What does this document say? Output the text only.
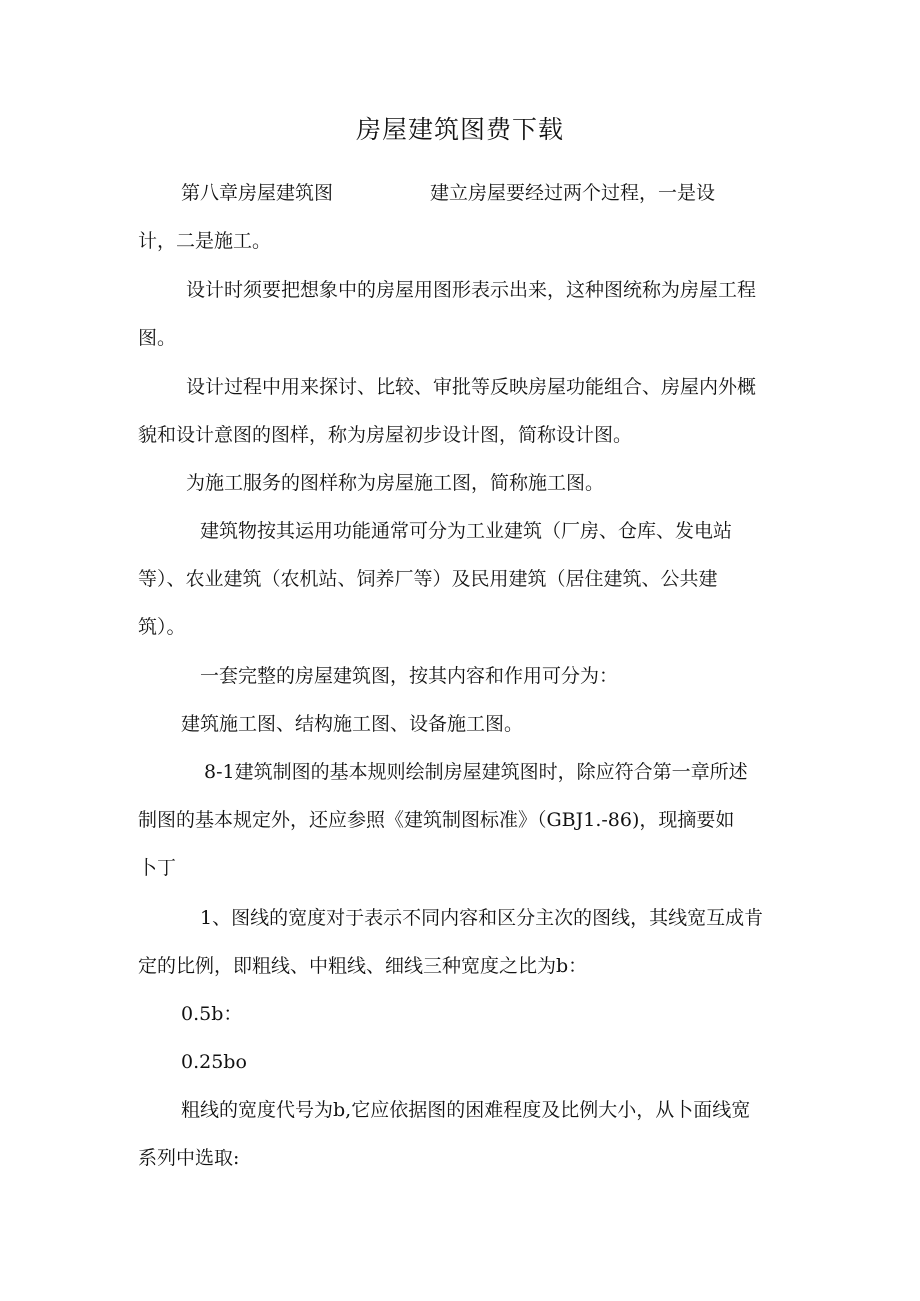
房屋建筑图费下载
第八章房屋建筑图	建立房屋要经过两个过程，一是设
计，二是施工。
设计时须要把想象中的房屋用图形表示出来，这种图统称为房屋工程
图。
设计过程中用来探讨、比较、审批等反映房屋功能组合、房屋内外概
貌和设计意图的图样，称为房屋初步设计图，简称设计图。
为施工服务的图样称为房屋施工图，简称施工图。
建筑物按其运用功能通常可分为工业建筑（厂房、仓库、发电站
等）、农业建筑（农机站、饲养厂等）及民用建筑（居住建筑、公共建
筑）。
一套完整的房屋建筑图，按其内容和作用可分为：
建筑施工图、结构施工图、设备施工图。
8-1建筑制图的基本规则绘制房屋建筑图时，除应符合第一章所述
制图的基本规定外，还应参照《建筑制图标准》（GBJ1.-86)，现摘要如
卜丁
1、图线的宽度对于表示不同内容和区分主次的图线，其线宽互成肯
定的比例，即粗线、中粗线、细线三种宽度之比为b：
0.5b：
0.25bo
粗线的宽度代号为b,它应依据图的困难程度及比例大小，从卜面线宽
系列中选取:
